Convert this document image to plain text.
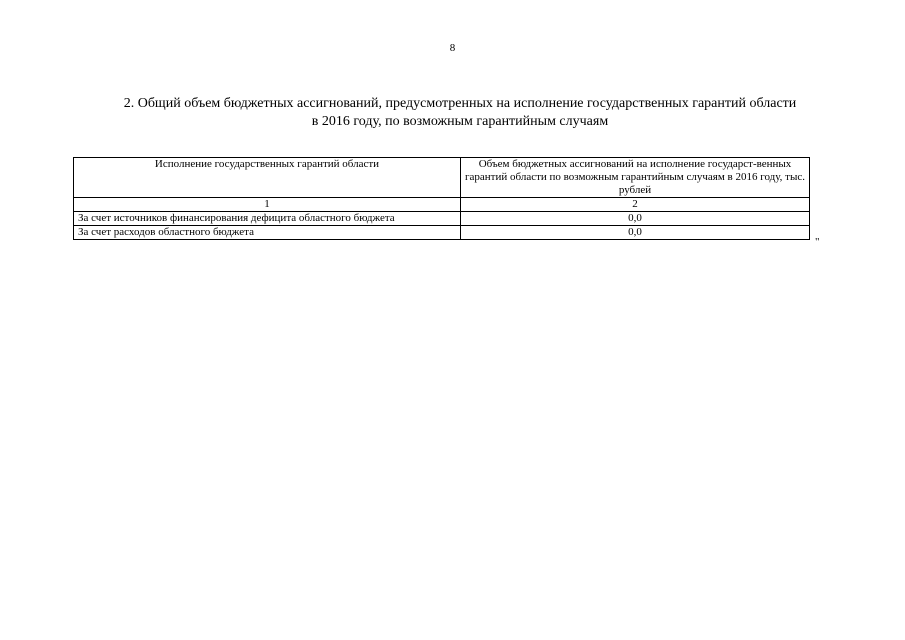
8
2. Общий объем бюджетных ассигнований, предусмотренных на исполнение государственных гарантий области
в 2016 году, по возможным гарантийным случаям
Исполнение государственных гарантий области	Объем бюджетных ассигнований на исполнение государст-венных гарантий области по возможным гарантийным случаям в 2016 году, тыс. рублей
1	2
За счет источников финансирования дефицита областного бюджета	0,0
За счет расходов областного бюджета	0,0
"
